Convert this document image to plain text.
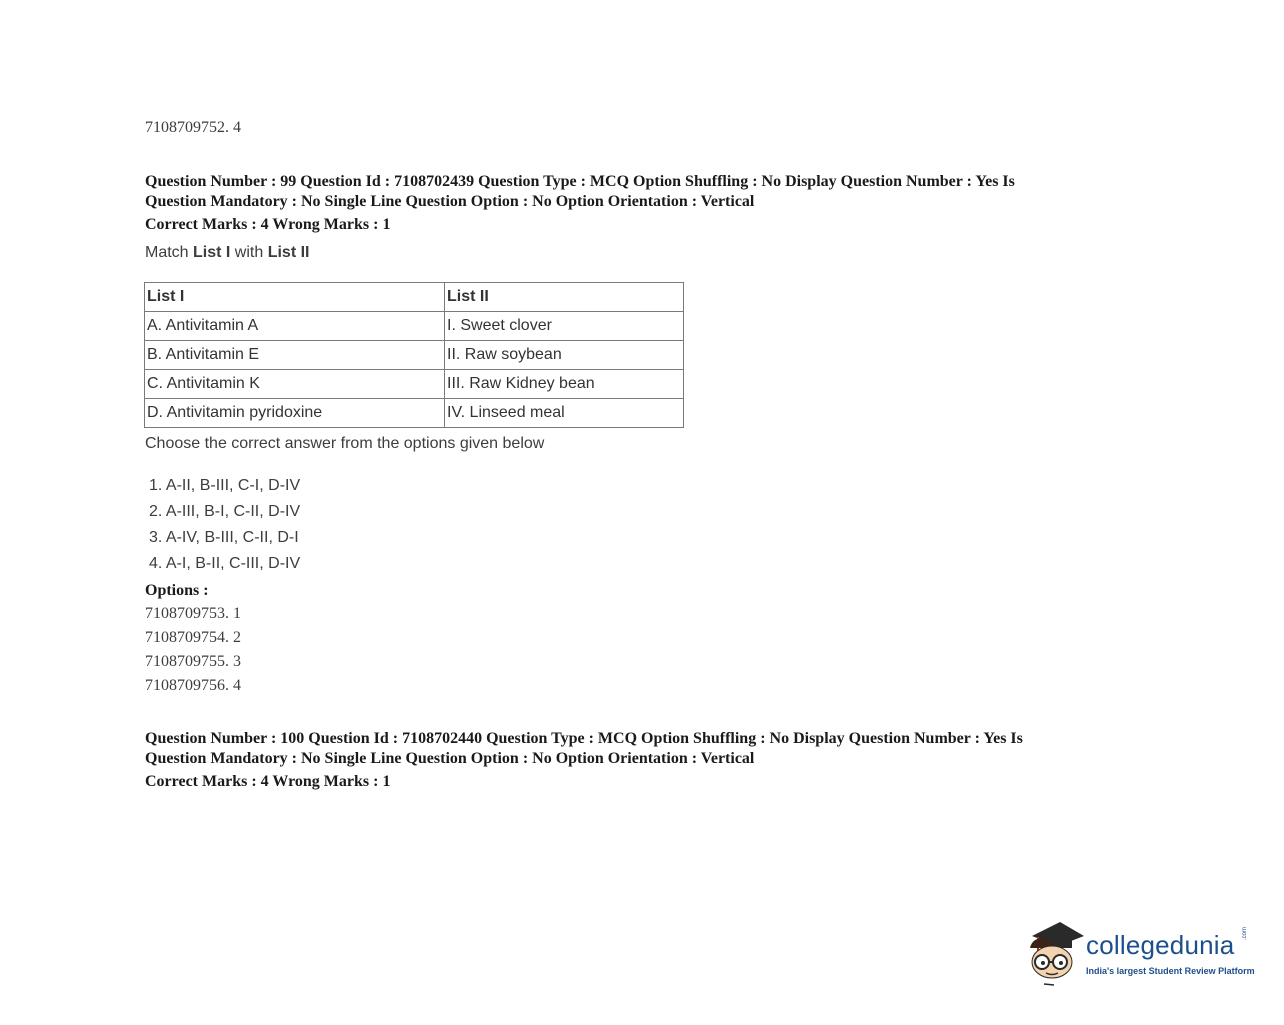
7108709752. 4
Question Number : 99 Question Id : 7108702439 Question Type : MCQ Option Shuffling : No Display Question Number : Yes Is
Question Mandatory : No Single Line Question Option : No Option Orientation : Vertical
Correct Marks : 4 Wrong Marks : 1
Match List I with List II
List I	List II
A. Antivitamin A	I. Sweet clover
B. Antivitamin E	II. Raw soybean
C. Antivitamin K	III. Raw Kidney bean
D. Antivitamin pyridoxine	IV. Linseed meal
Choose the correct answer from the options given below
1. A-II, B-III, C-I, D-IV
2. A-III, B-I, C-II, D-IV
3. A-IV, B-III, C-II, D-I
4. A-I, B-II, C-III, D-IV
Options :
7108709753. 1
7108709754. 2
7108709755. 3
7108709756. 4
Question Number : 100 Question Id : 7108702440 Question Type : MCQ Option Shuffling : No Display Question Number : Yes Is
Question Mandatory : No Single Line Question Option : No Option Orientation : Vertical
Correct Marks : 4 Wrong Marks : 1
collegedunia .com
India's largest Student Review Platform
